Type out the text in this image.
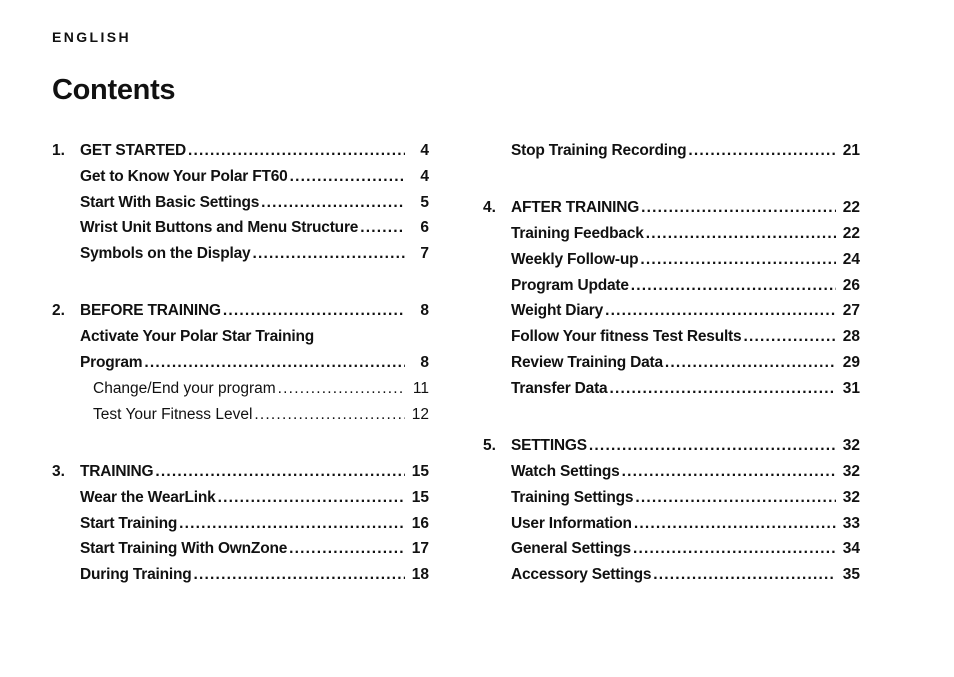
ENGLISH
Contents
1. GET STARTED .....	4
Get to Know Your Polar FT60 .....	4
Start With Basic Settings .....	5
Wrist Unit Buttons and Menu Structure .....	6
Symbols on the Display .....	7
2. BEFORE TRAINING .....	8
Activate Your Polar Star Training
Program .....	8
Change/End your program .....	11
Test Your Fitness Level .....	12
3. TRAINING .....	15
Wear the WearLink .....	15
Start Training .....	16
Start Training With OwnZone .....	17
During Training .....	18
Stop Training Recording .....	21
4. AFTER TRAINING .....	22
Training Feedback .....	22
Weekly Follow-up .....	24
Program Update .....	26
Weight Diary .....	27
Follow Your fitness Test Results .....	28
Review Training Data .....	29
Transfer Data .....	31
5. SETTINGS .....	32
Watch Settings .....	32
Training Settings .....	32
User Information .....	33
General Settings .....	34
Accessory Settings .....	35
